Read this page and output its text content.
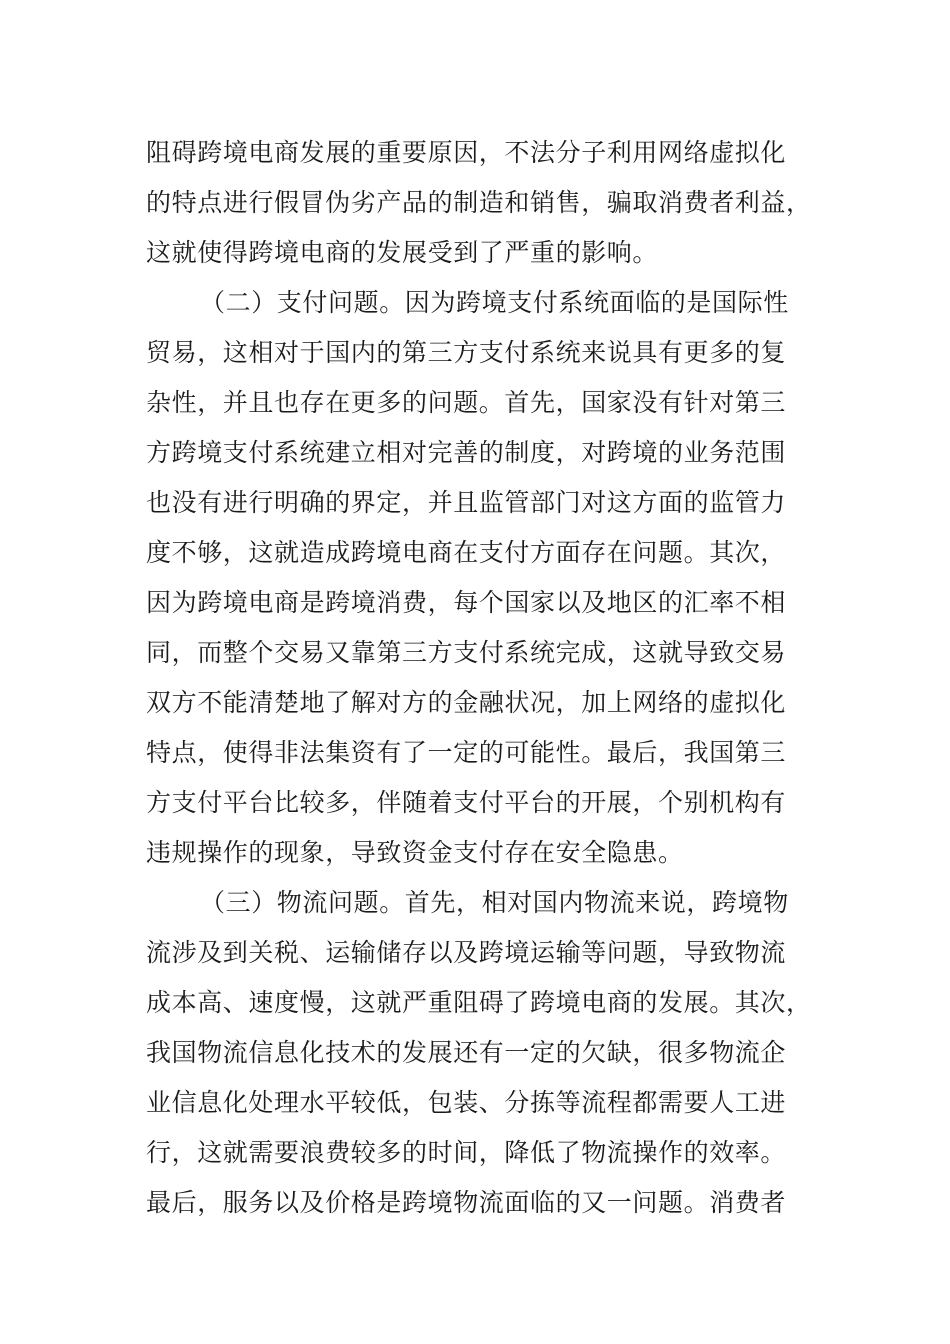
阻碍跨境电商发展的重要原因，不法分子利用网络虚拟化
的特点进行假冒伪劣产品的制造和销售，骗取消费者利益，
这就使得跨境电商的发展受到了严重的影响。
（二）支付问题。因为跨境支付系统面临的是国际性
贸易，这相对于国内的第三方支付系统来说具有更多的复
杂性，并且也存在更多的问题。首先，国家没有针对第三
方跨境支付系统建立相对完善的制度，对跨境的业务范围
也没有进行明确的界定，并且监管部门对这方面的监管力
度不够，这就造成跨境电商在支付方面存在问题。其次，
因为跨境电商是跨境消费，每个国家以及地区的汇率不相
同，而整个交易又靠第三方支付系统完成，这就导致交易
双方不能清楚地了解对方的金融状况，加上网络的虚拟化
特点，使得非法集资有了一定的可能性。最后，我国第三
方支付平台比较多，伴随着支付平台的开展，个别机构有
违规操作的现象，导致资金支付存在安全隐患。
（三）物流问题。首先，相对国内物流来说，跨境物
流涉及到关税、运输储存以及跨境运输等问题，导致物流
成本高、速度慢，这就严重阻碍了跨境电商的发展。其次，
我国物流信息化技术的发展还有一定的欠缺，很多物流企
业信息化处理水平较低，包装、分拣等流程都需要人工进
行，这就需要浪费较多的时间，降低了物流操作的效率。
最后，服务以及价格是跨境物流面临的又一问题。消费者
